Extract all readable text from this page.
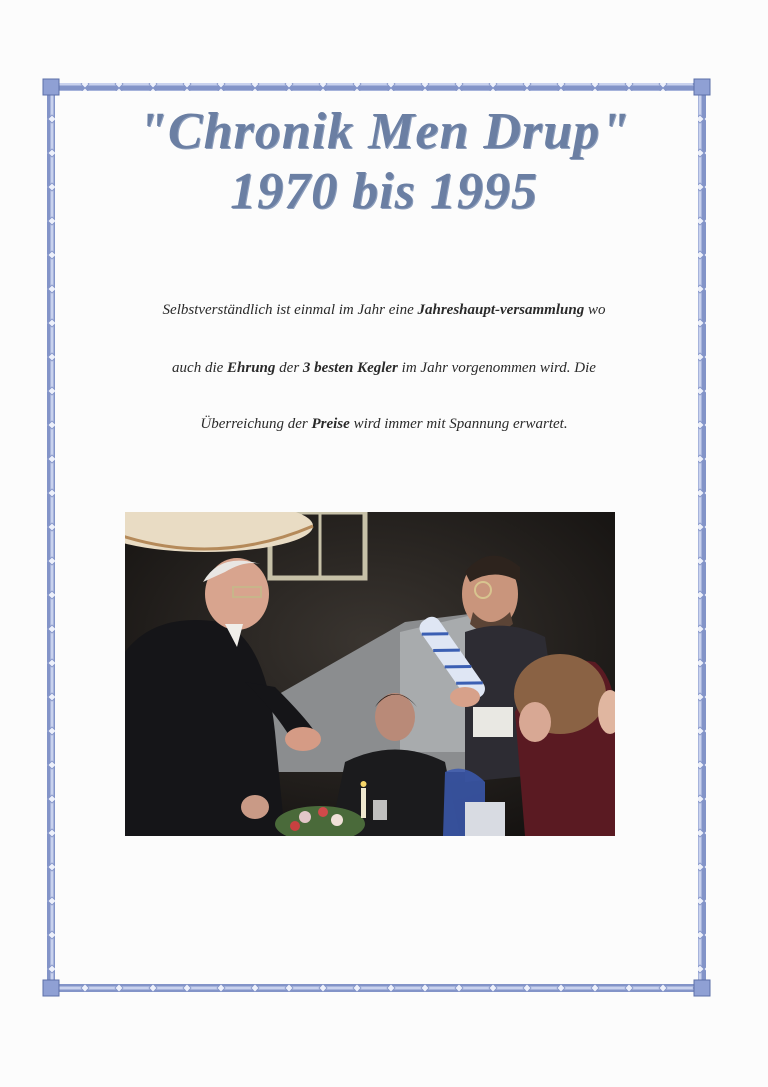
"Chronik Men Drup"
1970 bis 1995

Selbstverständlich ist einmal im Jahr eine Jahreshaupt-versammlung wo

auch die Ehrung der 3 besten Kegler im Jahr vorgenommen wird. Die

Überreichung der Preise wird immer mit Spannung erwartet.
